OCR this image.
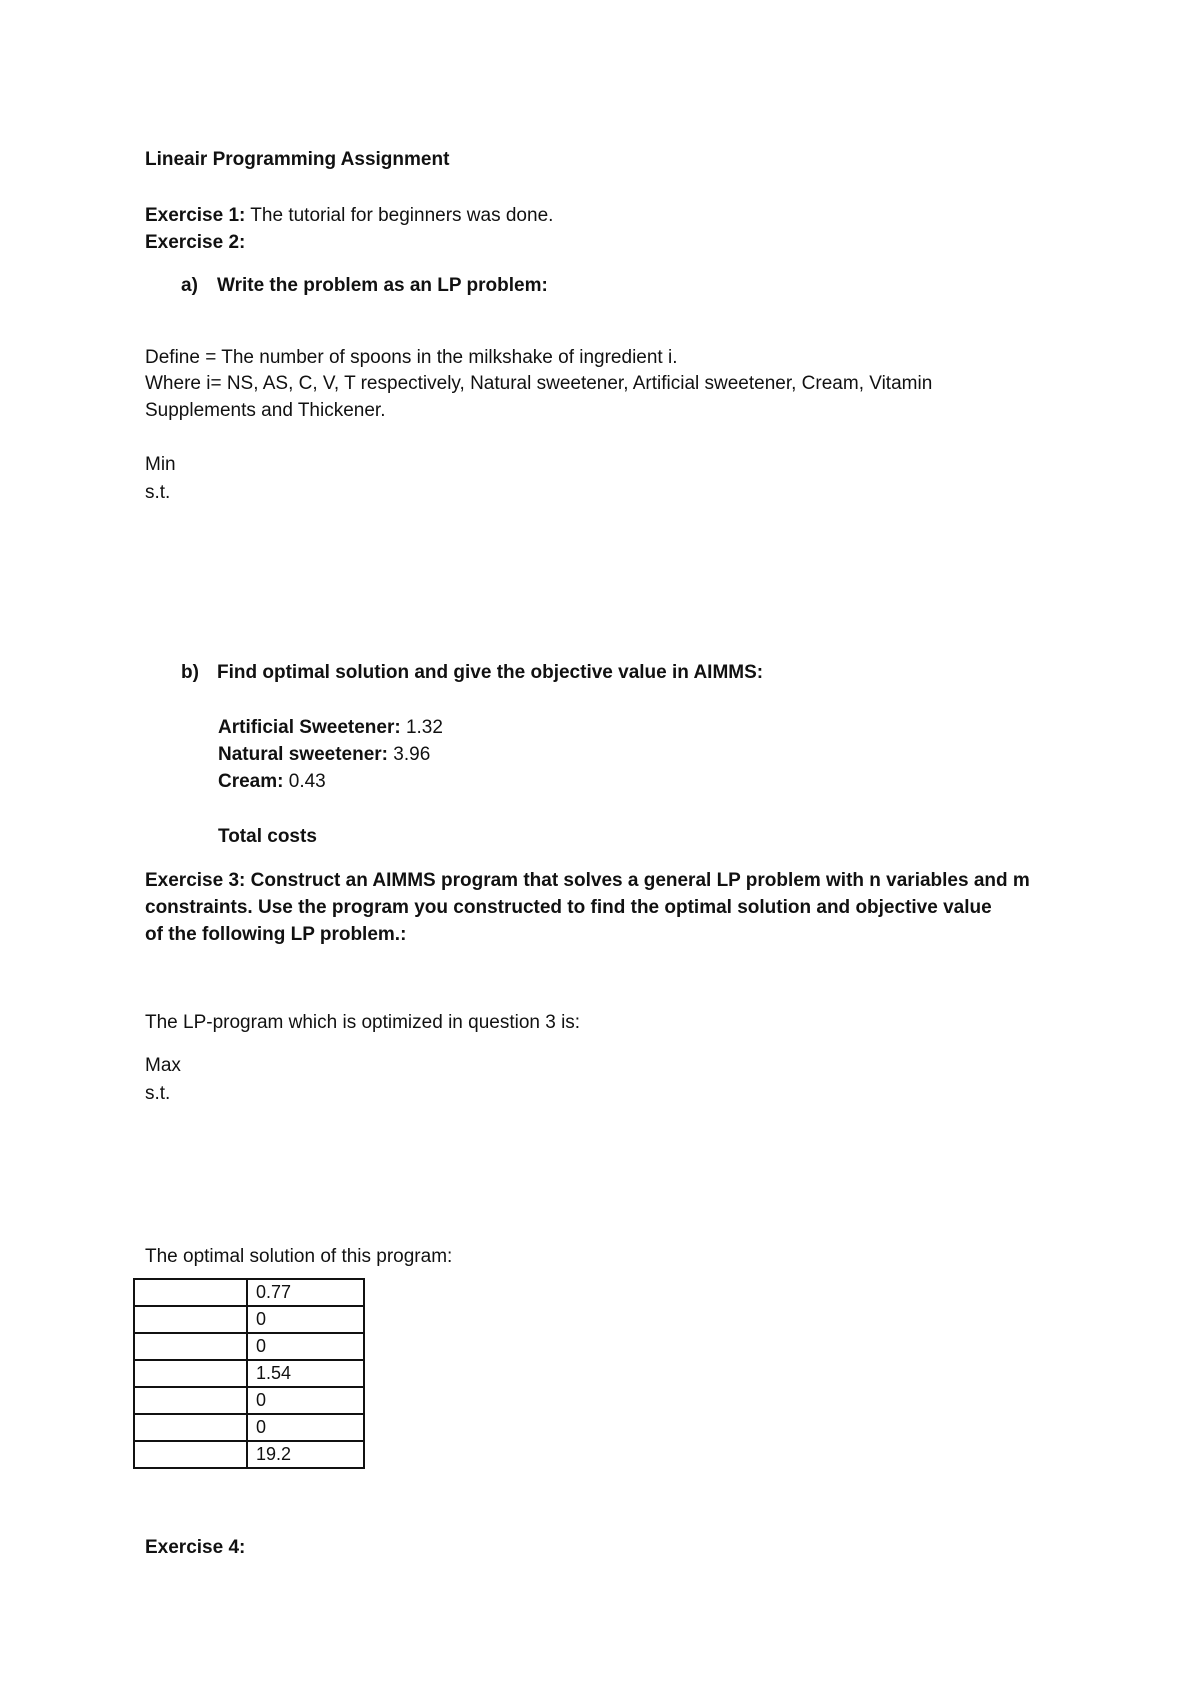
Lineair Programming Assignment
Exercise 1: The tutorial for beginners was done.
Exercise 2:
a) Write the problem as an LP problem:
Define = The number of spoons in the milkshake of ingredient i.
Where i= NS, AS, C, V, T respectively, Natural sweetener, Artificial sweetener, Cream, Vitamin
Supplements and Thickener.
Min
s.t.
b) Find optimal solution and give the objective value in AIMMS:
Artificial Sweetener: 1.32
Natural sweetener: 3.96
Cream: 0.43
Total costs
Exercise 3: Construct an AIMMS program that solves a general LP problem with n variables and m
constraints. Use the program you constructed to find the optimal solution and objective value
of the following LP problem.:
The LP-program which is optimized in question 3 is:
Max
s.t.
The optimal solution of this program:
	0.77
	0
	0
	1.54
	0
	0
	19.2
Exercise 4:
